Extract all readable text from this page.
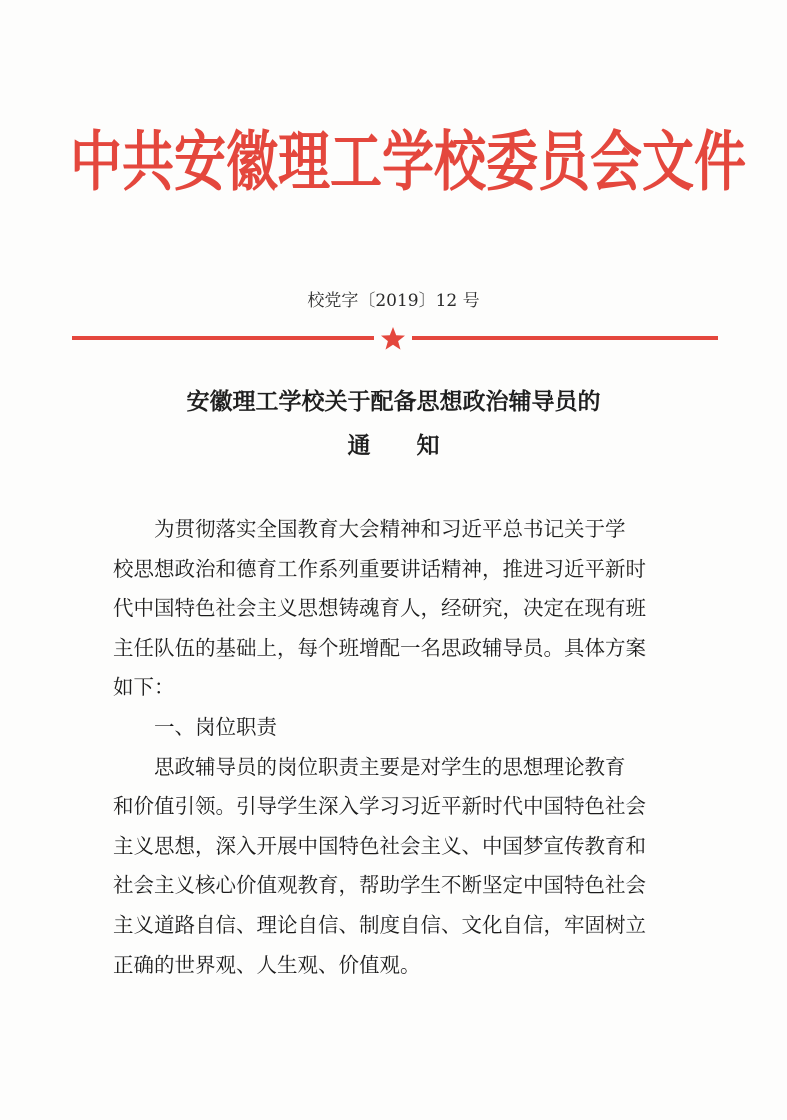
中共安徽理工学校委员会文件
校党字〔2019〕12 号
安徽理工学校关于配备思想政治辅导员的
通　　知
为贯彻落实全国教育大会精神和习近平总书记关于学
校思想政治和德育工作系列重要讲话精神，推进习近平新时
代中国特色社会主义思想铸魂育人，经研究，决定在现有班
主任队伍的基础上，每个班增配一名思政辅导员。具体方案
如下：
一、岗位职责
思政辅导员的岗位职责主要是对学生的思想理论教育
和价值引领。引导学生深入学习习近平新时代中国特色社会
主义思想，深入开展中国特色社会主义、中国梦宣传教育和
社会主义核心价值观教育，帮助学生不断坚定中国特色社会
主义道路自信、理论自信、制度自信、文化自信，牢固树立
正确的世界观、人生观、价值观。
